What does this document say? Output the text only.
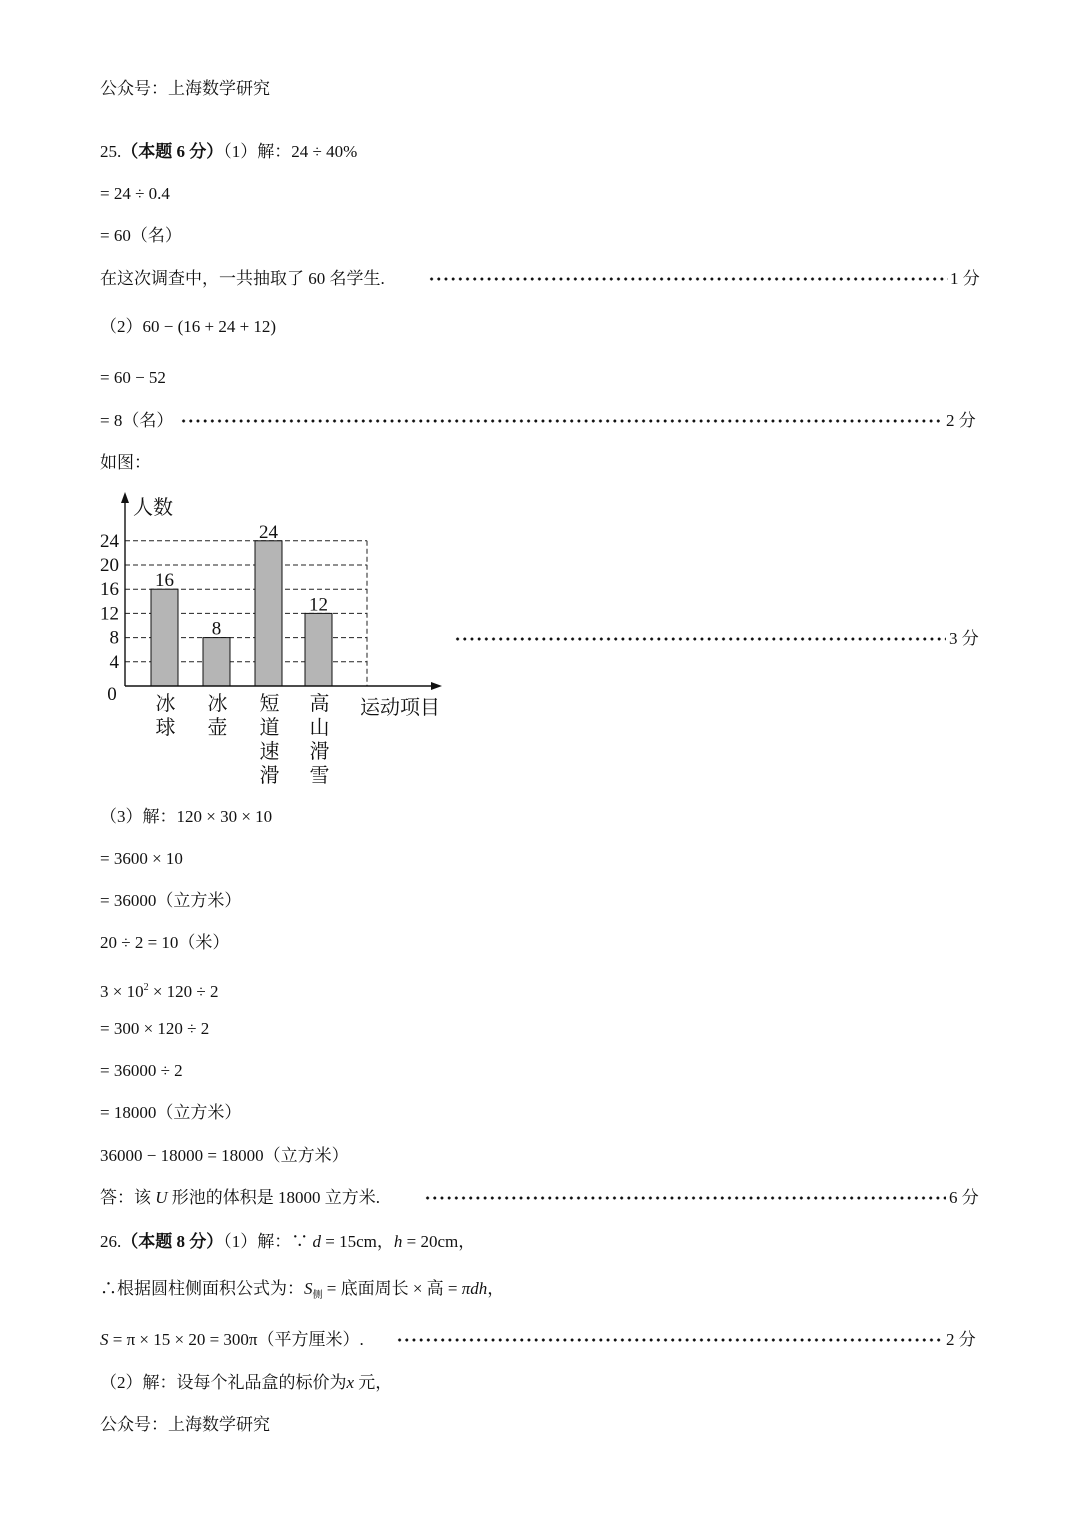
公众号：上海数学研究
25.（本题 6 分）（1）解：24 ÷ 40%
= 24 ÷ 0.4
= 60（名）
在这次调查中，一共抽取了 60 名学生.	1 分
（2）60 − (16 + 24 + 12)
= 60 − 52
= 8（名）	2 分
如图：
0
4
8
12
16
20
24
16
8
24
12
冰球
冰壶
短道速滑
高山滑雪
人数
运动项目
3 分
（3）解：120 × 30 × 10
= 3600 × 10
= 36000（立方米）
20 ÷ 2 = 10（米）
$3 \times 10^2 \times 120 \div 2$
= 300 × 120 ÷ 2
= 36000 ÷ 2
= 18000（立方米）
36000 − 18000 = 18000（立方米）
答：该 U 形池的体积是 18000 立方米.	6 分
26.（本题 8 分）（1）解：∵ d = 15cm，h = 20cm，
∴根据圆柱侧面积公式为：$S_侧$ = 底面周长 × 高 = πdh，
S = π × 15 × 20 = 300π（平方厘米）.	2 分
（2）解：设每个礼品盒的标价为x 元，
公众号：上海数学研究
